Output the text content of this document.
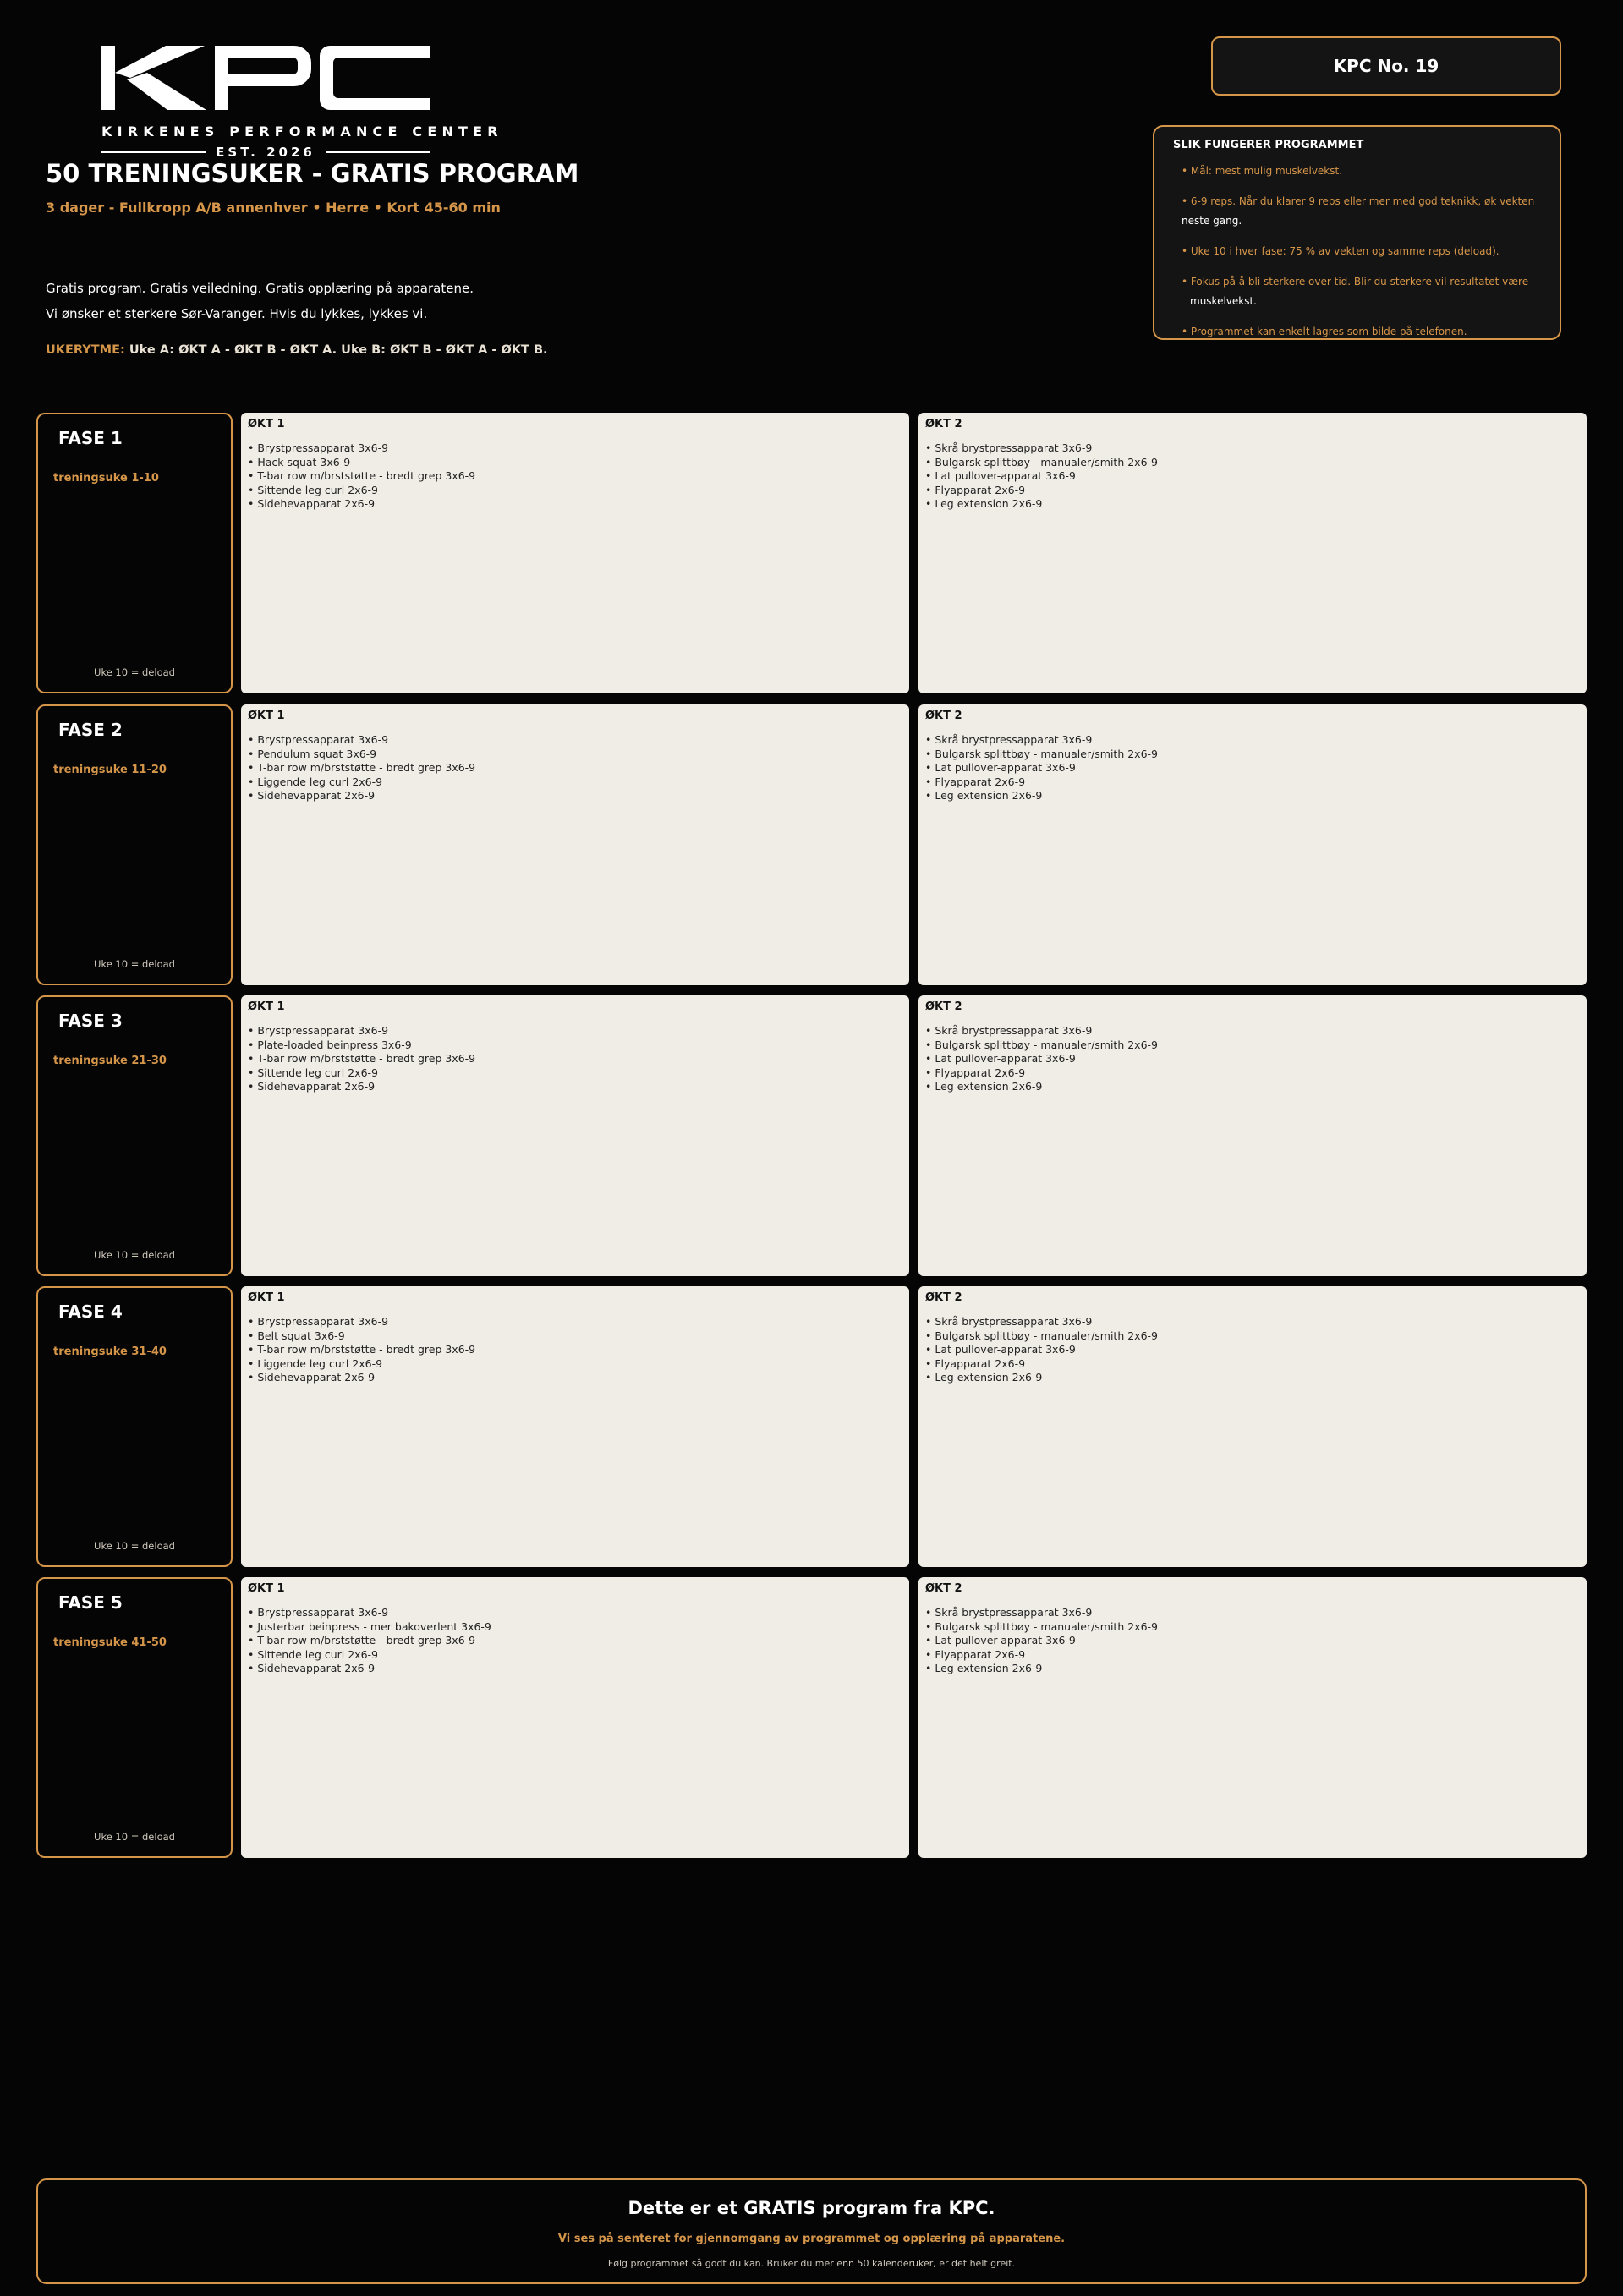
KIRKENES PERFORMANCE CENTER
EST. 2026
50 TRENINGSUKER - GRATIS PROGRAM
3 dager - Fullkropp A/B annenhver • Herre • Kort 45-60 min
Gratis program. Gratis veiledning. Gratis opplæring på apparatene.
Vi ønsker et sterkere Sør-Varanger. Hvis du lykkes, lykkes vi.
UKERYTME: Uke A: ØKT A - ØKT B - ØKT A. Uke B: ØKT B - ØKT A - ØKT B.
KPC No. 19
SLIK FUNGERER PROGRAMMET
• Mål: mest mulig muskelvekst.
• 6-9 reps. Når du klarer 9 reps eller mer med god teknikk, øk vekten
neste gang.
• Uke 10 i hver fase: 75 % av vekten og samme reps (deload).
• Fokus på å bli sterkere over tid. Blir du sterkere vil resultatet være
muskelvekst.
• Programmet kan enkelt lagres som bilde på telefonen.
FASE 1
treningsuke 1-10
Uke 10 = deload
ØKT 1
• Brystpressapparat 3x6-9
• Hack squat 3x6-9
• T-bar row m/brststøtte - bredt grep 3x6-9
• Sittende leg curl 2x6-9
• Sidehevapparat 2x6-9
ØKT 2
• Skrå brystpressapparat 3x6-9
• Bulgarsk splittbøy - manualer/smith 2x6-9
• Lat pullover-apparat 3x6-9
• Flyapparat 2x6-9
• Leg extension 2x6-9
FASE 2
treningsuke 11-20
Uke 10 = deload
ØKT 1
• Brystpressapparat 3x6-9
• Pendulum squat 3x6-9
• T-bar row m/brststøtte - bredt grep 3x6-9
• Liggende leg curl 2x6-9
• Sidehevapparat 2x6-9
ØKT 2
• Skrå brystpressapparat 3x6-9
• Bulgarsk splittbøy - manualer/smith 2x6-9
• Lat pullover-apparat 3x6-9
• Flyapparat 2x6-9
• Leg extension 2x6-9
FASE 3
treningsuke 21-30
Uke 10 = deload
ØKT 1
• Brystpressapparat 3x6-9
• Plate-loaded beinpress 3x6-9
• T-bar row m/brststøtte - bredt grep 3x6-9
• Sittende leg curl 2x6-9
• Sidehevapparat 2x6-9
ØKT 2
• Skrå brystpressapparat 3x6-9
• Bulgarsk splittbøy - manualer/smith 2x6-9
• Lat pullover-apparat 3x6-9
• Flyapparat 2x6-9
• Leg extension 2x6-9
FASE 4
treningsuke 31-40
Uke 10 = deload
ØKT 1
• Brystpressapparat 3x6-9
• Belt squat 3x6-9
• T-bar row m/brststøtte - bredt grep 3x6-9
• Liggende leg curl 2x6-9
• Sidehevapparat 2x6-9
ØKT 2
• Skrå brystpressapparat 3x6-9
• Bulgarsk splittbøy - manualer/smith 2x6-9
• Lat pullover-apparat 3x6-9
• Flyapparat 2x6-9
• Leg extension 2x6-9
FASE 5
treningsuke 41-50
Uke 10 = deload
ØKT 1
• Brystpressapparat 3x6-9
• Justerbar beinpress - mer bakoverlent 3x6-9
• T-bar row m/brststøtte - bredt grep 3x6-9
• Sittende leg curl 2x6-9
• Sidehevapparat 2x6-9
ØKT 2
• Skrå brystpressapparat 3x6-9
• Bulgarsk splittbøy - manualer/smith 2x6-9
• Lat pullover-apparat 3x6-9
• Flyapparat 2x6-9
• Leg extension 2x6-9
Dette er et GRATIS program fra KPC.
Vi ses på senteret for gjennomgang av programmet og opplæring på apparatene.
Følg programmet så godt du kan. Bruker du mer enn 50 kalenderuker, er det helt greit.
